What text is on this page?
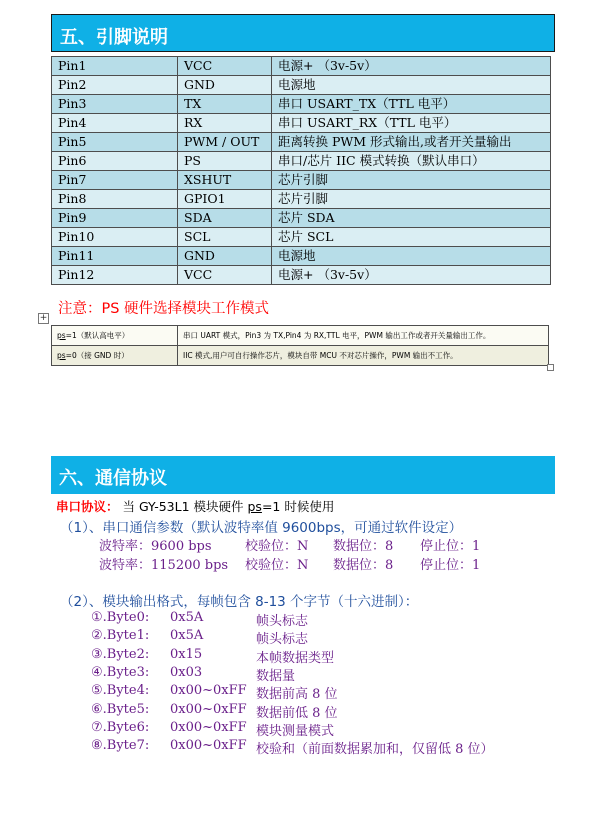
五、引脚说明
Pin1	VCC	电源+ （3v-5v）
Pin2	GND	电源地
Pin3	TX	串口 USART_TX（TTL 电平）
Pin4	RX	串口 USART_RX（TTL 电平）
Pin5	PWM / OUT	距离转换 PWM 形式输出,或者开关量输出
Pin6	PS	串口/芯片 IIC 模式转换（默认串口）
Pin7	XSHUT	芯片引脚
Pin8	GPIO1	芯片引脚
Pin9	SDA	芯片 SDA
Pin10	SCL	芯片 SCL
Pin11	GND	电源地
Pin12	VCC	电源+ （3v-5v）
注意：PS 硬件选择模块工作模式
+
ps=1（默认高电平）	串口 UART 模式，Pin3 为 TX,Pin4 为 RX,TTL 电平，PWM 输出工作或者开关量输出工作。
ps=0（接 GND 时）	IIC 模式,用户可自行操作芯片，模块自带 MCU 不对芯片操作，PWM 输出不工作。
六、通信协议
串口协议： 当 GY-53L1 模块硬件 ps=1 时候使用
（1）、串口通信参数（默认波特率值 9600bps，可通过软件设定）
波特率：9600 bps	校验位：N 数据位：8 停止位：1
波特率：115200 bps 校验位：N 数据位：8 停止位：1
（2）、模块输出格式，每帧包含 8-13 个字节（十六进制）：
①.Byte0: 0x5A	帧头标志
②.Byte1: 0x5A	帧头标志
③.Byte2: 0x15	本帧数据类型
④.Byte3: 0x03	数据量
⑤.Byte4: 0x00~0xFF 数据前高 8 位
⑥.Byte5: 0x00~0xFF 数据前低 8 位
⑦.Byte6: 0x00~0xFF 模块测量模式
⑧.Byte7: 0x00~0xFF 校验和（前面数据累加和，仅留低 8 位）
